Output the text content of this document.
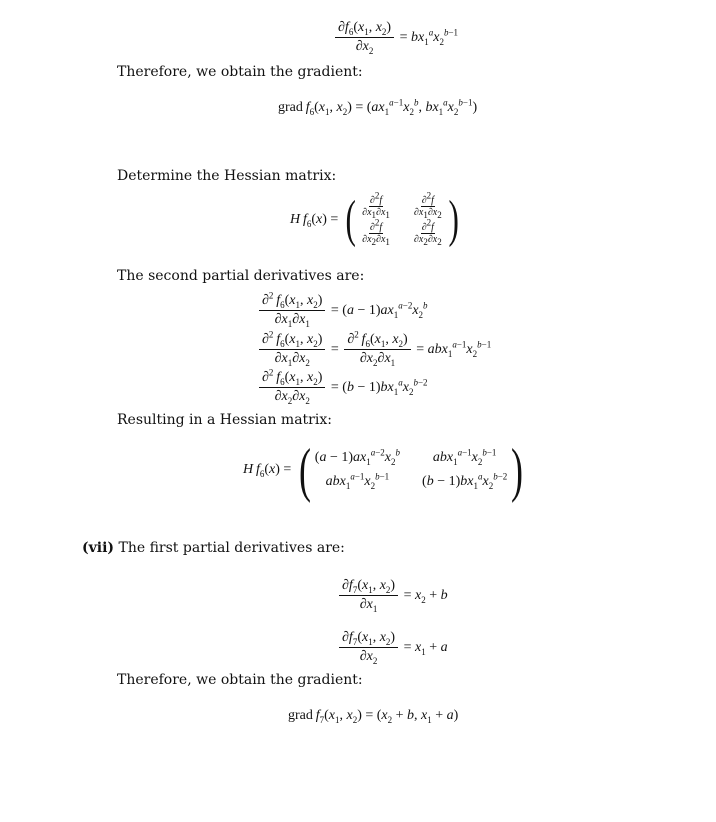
$\frac{\partial f_6(x_1, x_2)}{\partial x_2} = bx_1^ax_2^{b-1}$
Therefore, we obtain the gradient:
grad $f_6(x_1$, $x_2) = (ax_1^{a-1}x_2^b$, $bx_1^ax_2^{b-1}$)
Determine the Hessian matrix:
H  $f_6(x)$ = ( $\frac{\partial^2f}{\partial x_1\partial x_1} \frac{\partial^2f}{\partial x_1\partial x_2}$
$\frac{\partial^2f}{\partial x_2\partial x_1} \frac{\partial^2f}{\partial x_2\partial x_2}$ )
The second partial derivatives are:
$\frac{\partial^2 f_6(x_1, x_2)}{\partial x_1\partial x_1} = (a - 1)ax_1^{a-2}x_2^b$
$\frac{\partial^2 f_6(x_1, x_2)}{\partial x_1\partial x_2} = \frac{\partial^2 f_6(x_1, x_2)}{\partial x_2\partial x_1} = abx_1^{a-1}x_2^{b-1}$
$\frac{\partial^2 f_6(x_1, x_2)}{\partial x_2\partial x_2} = (b - 1)bx_1^ax_2^{b-2}$
Resulting in a Hessian matrix:
H  $f_6(x)$ = ( $(a - 1)ax_1^{a-2}x_2^b$ $abx_1^{a-1}x_2^{b-1}$
$abx_1^{a-1}x_2^{b-1}$ $(b - 1)bx_1^ax_2^{b-2}$ )
(vii) The first partial derivatives are:
$\frac{\partial f_7(x_1, x_2)}{\partial x_1} = x_2 + b$
$\frac{\partial f_7(x_1, x_2)}{\partial x_2} = x_1 + a$
Therefore, we obtain the gradient:
grad $f_7(x_1$, $x_2) = (x_2 + b$, $x_1 + a$)
